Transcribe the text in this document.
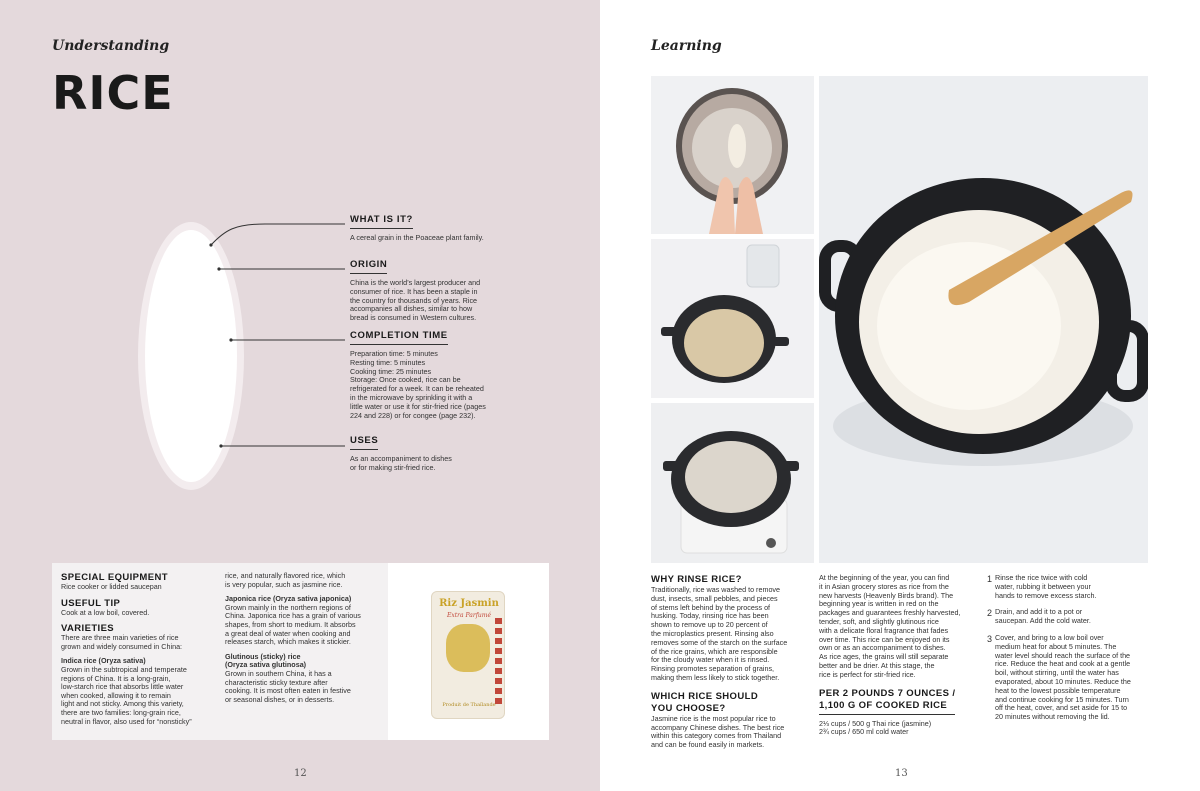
Understanding
RICE
WHAT IS IT?

A cereal grain in the Poaceae plant family.

ORIGIN

China is the world’s largest producer and
consumer of rice. It has been a staple in
the country for thousands of years. Rice
accompanies all dishes, similar to how
bread is consumed in Western cultures.

COMPLETION TIME

Preparation time: 5 minutes
Resting time: 5 minutes
Cooking time: 25 minutes
Storage: Once cooked, rice can be
refrigerated for a week. It can be reheated
in the microwave by sprinkling it with a
little water or use it for stir-fried rice (pages
224 and 228) or for congee (page 232).

USES

As an accompaniment to dishes
or for making stir-fried rice.

SPECIAL EQUIPMENT
Rice cooker or lidded saucepan
USEFUL TIP
Cook at a low boil, covered.
VARIETIES
There are three main varieties of rice
grown and widely consumed in China:
Indica rice (Oryza sativa)
Grown in the subtropical and temperate
regions of China. It is a long-grain,
low-starch rice that absorbs little water
when cooked, allowing it to remain
light and not sticky. Among this variety,
there are two families: long-grain rice,
neutral in flavor, also used for “nonsticky”
rice, and naturally flavored rice, which
is very popular, such as jasmine rice.
Japonica rice (Oryza sativa japonica)
Grown mainly in the northern regions of
China. Japonica rice has a grain of various
shapes, from short to medium. It absorbs
a great deal of water when cooking and
releases starch, which makes it stickier.
Glutinous (sticky) rice
(Oryza sativa glutinosa)
Grown in southern China, it has a
characteristic sticky texture after
cooking. It is most often eaten in festive
or seasonal dishes, or in desserts.
Riz Jasmin
Extra Parfumé
Produit de Thaïlande
12
Learning
13
WHY RINSE RICE?
Traditionally, rice was washed to remove
dust, insects, small pebbles, and pieces
of stems left behind by the process of
husking. Today, rinsing rice has been
shown to remove up to 20 percent of
the microplastics present. Rinsing also
removes some of the starch on the surface
of the rice grains, which are responsible
for the cloudy water when it is rinsed.
Rinsing promotes separation of grains,
making them less likely to stick together.
WHICH RICE SHOULD
YOU CHOOSE?
Jasmine rice is the most popular rice to
accompany Chinese dishes. The best rice
within this category comes from Thailand
and can be found easily in markets.
At the beginning of the year, you can find
it in Asian grocery stores as rice from the
new harvests (Heavenly Birds brand). The
beginning year is written in red on the
packages and guarantees freshly harvested,
tender, soft, and slightly glutinous rice
with a delicate floral fragrance that fades
over time. This rice can be enjoyed on its
own or as an accompaniment to dishes.
As rice ages, the grains will still separate
better and be drier. At this stage, the
rice is perfect for stir-fried rice.
PER 2 POUNDS 7 OUNCES /
1,100 G OF COOKED RICE
2⅓ cups / 500 g Thai rice (jasmine)
2¾ cups / 650 ml cold water
1 Rinse the rice twice with cold
water, rubbing it between your
hands to remove excess starch.
2 Drain, and add it to a pot or
saucepan. Add the cold water.
3 Cover, and bring to a low boil over
medium heat for about 5 minutes. The
water level should reach the surface of the
rice. Reduce the heat and cook at a gentle
boil, without stirring, until the water has
evaporated, about 10 minutes. Reduce the
heat to the lowest possible temperature
and continue cooking for 15 minutes. Turn
off the heat, cover, and set aside for 15 to
20 minutes without removing the lid.
